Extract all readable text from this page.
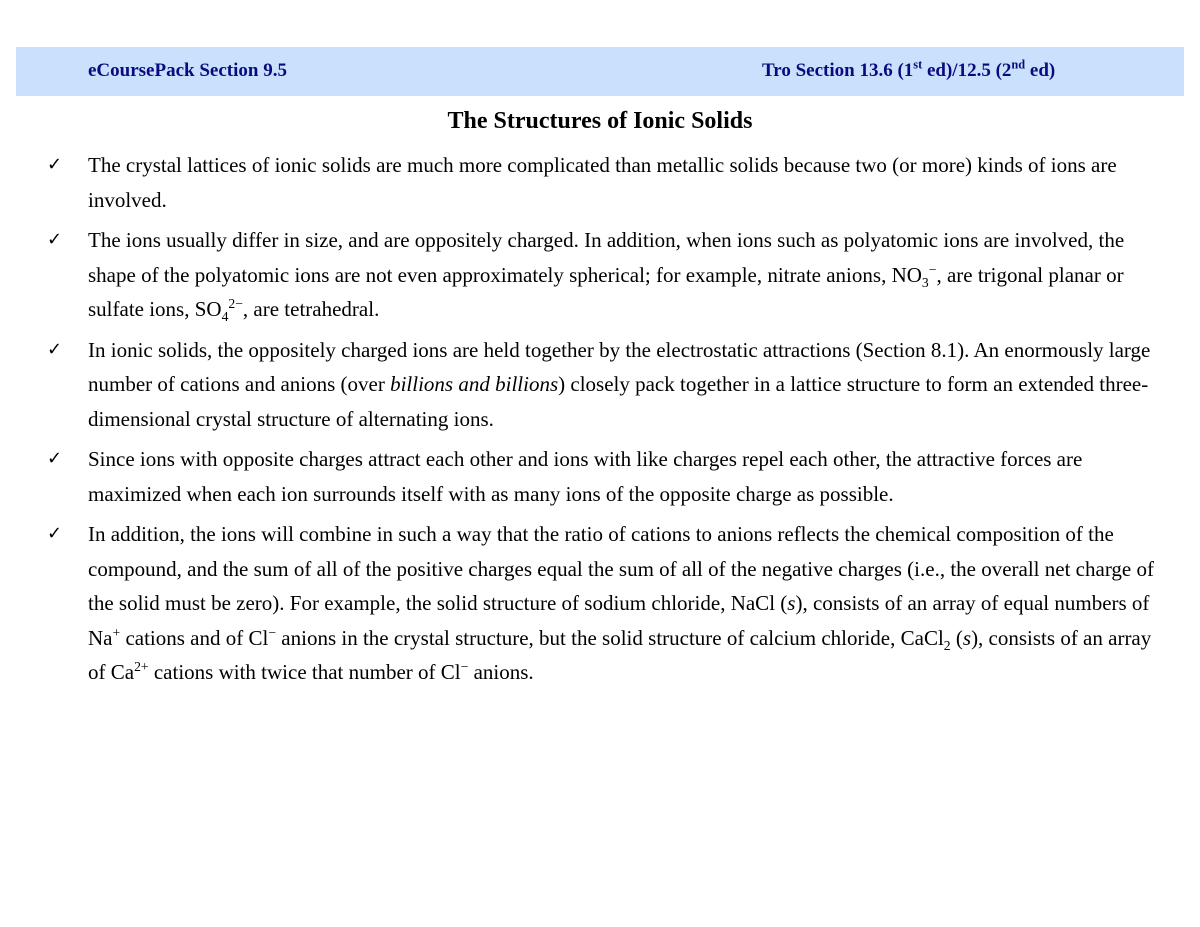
eCoursePack Section 9.5	Tro Section 13.6 (1st ed)/12.5 (2nd ed)
The Structures of Ionic Solids
✓ The crystal lattices of ionic solids are much more complicated than metallic solids because two (or more) kinds of ions are involved.

✓ The ions usually differ in size, and are oppositely charged. In addition, when ions such as polyatomic ions are involved, the shape of the polyatomic ions are not even approximately spherical; for example, nitrate anions, $NO_3^-$, are trigonal planar or sulfate ions, $SO_4^{2-}$, are tetrahedral.

✓ In ionic solids, the oppositely charged ions are held together by the electrostatic attractions (Section 8.1). An enormously large number of cations and anions (over billions and billions) closely pack together in a lattice structure to form an extended three-dimensional crystal structure of alternating ions.

✓ Since ions with opposite charges attract each other and ions with like charges repel each other, the attractive forces are maximized when each ion surrounds itself with as many ions of the opposite charge as possible.

✓ In addition, the ions will combine in such a way that the ratio of cations to anions reflects the chemical composition of the compound, and the sum of all of the positive charges equal the sum of all of the negative charges (i.e., the overall net charge of the solid must be zero). For example, the solid structure of sodium chloride, NaCl (s), consists of an array of equal numbers of Na+ cations and of Cl− anions in the crystal structure, but the solid structure of calcium chloride, CaCl$_2$ (s), consists of an array of $Ca^{2+}$ cations with twice that number of Cl− anions.
